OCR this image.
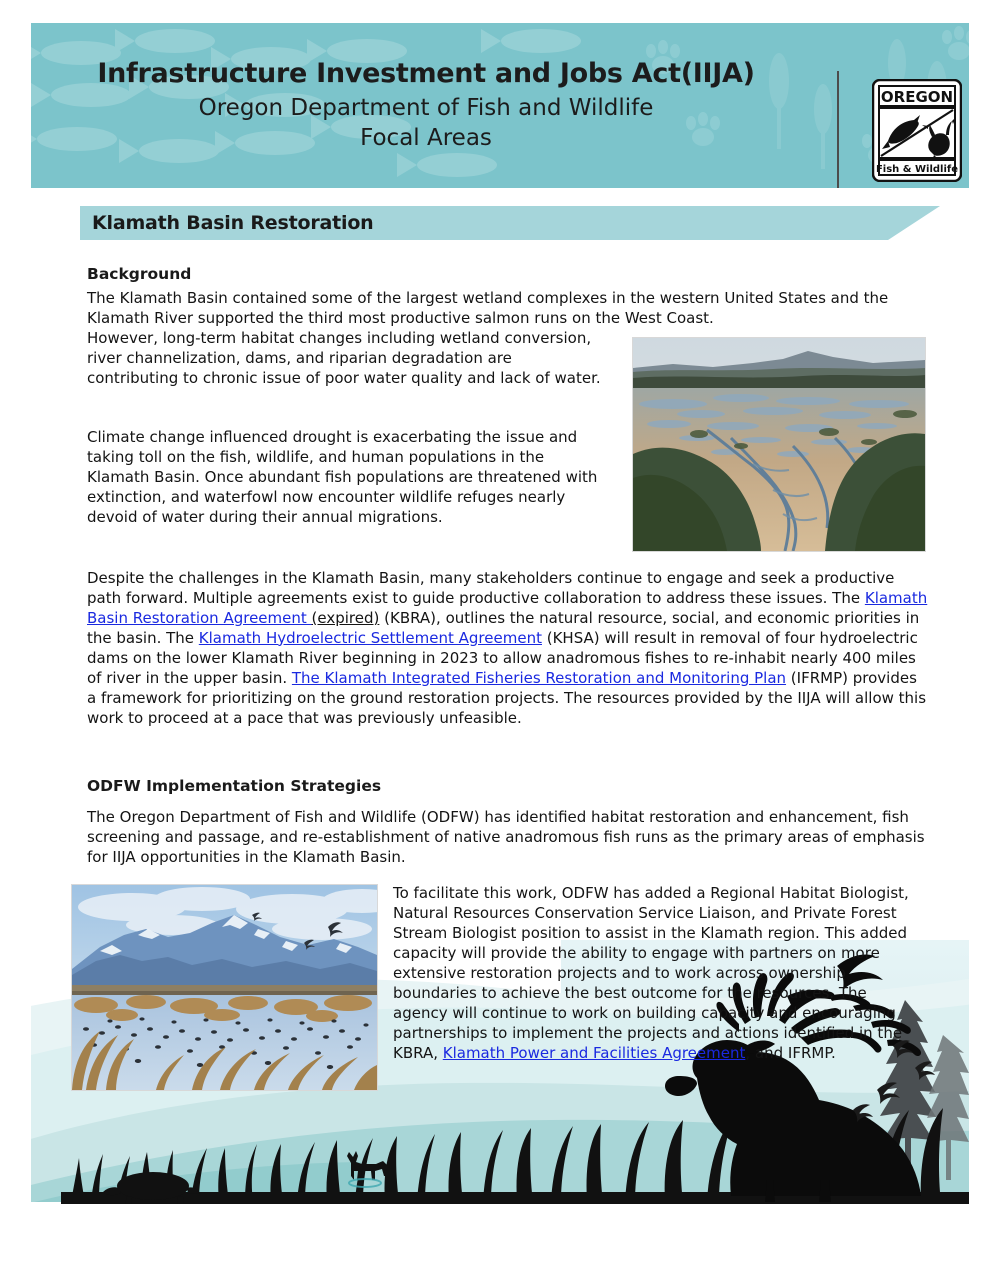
Infrastructure Investment and Jobs Act(IIJA)
Oregon Department of Fish and Wildlife
Focal Areas
OREGON
Fish & Wildlife
Klamath Basin Restoration
Background
The Klamath Basin contained some of the largest wetland complexes in the western United States and the Klamath River supported the third most productive salmon runs on the West Coast.
However, long-term habitat changes including wetland conversion, river channelization, dams, and riparian degradation are contributing to chronic issue of poor water quality and lack of water.
Climate change influenced drought is exacerbating the issue and taking toll on the fish, wildlife, and human populations in the Klamath Basin. Once abundant fish populations are threatened with extinction, and waterfowl now encounter wildlife refuges nearly devoid of water during their annual migrations.
Despite the challenges in the Klamath Basin, many stakeholders continue to engage and seek a productive path forward. Multiple agreements exist to guide productive collaboration to address these issues. The Klamath Basin Restoration Agreement (expired) (KBRA), outlines the natural resource, social, and economic priorities in the basin. The Klamath Hydroelectric Settlement Agreement (KHSA) will result in removal of four hydroelectric dams on the lower Klamath River beginning in 2023 to allow anadromous fishes to re-inhabit nearly 400 miles of river in the upper basin. The Klamath Integrated Fisheries Restoration and Monitoring Plan (IFRMP) provides a framework for prioritizing on the ground restoration projects. The resources provided by the IIJA will allow this work to proceed at a pace that was previously unfeasible.
ODFW Implementation Strategies
The Oregon Department of Fish and Wildlife (ODFW) has identified habitat restoration and enhancement, fish screening and passage, and re-establishment of native anadromous fish runs as the primary areas of emphasis for IIJA opportunities in the Klamath Basin.
To facilitate this work, ODFW has added a Regional Habitat Biologist, Natural Resources Conservation Service Liaison, and Private Forest Stream Biologist position to assist in the Klamath region. This added capacity will provide the ability to engage with partners on more extensive restoration projects and to work across ownership boundaries to achieve the best outcome for the resources. The agency will continue to work on building capacity and encouraging partnerships to implement the projects and actions identified in the KBRA, Klamath Power and Facilities Agreement, and IFRMP.
